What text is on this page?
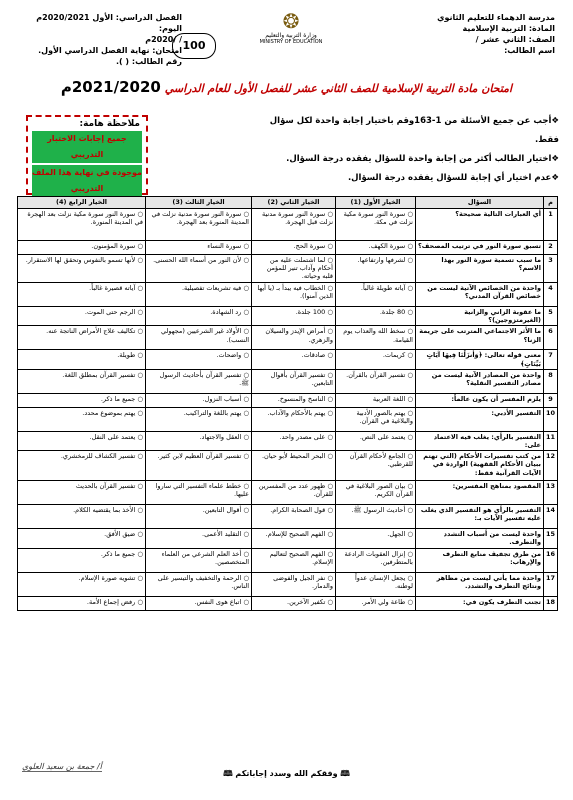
مدرسة الدهماء للتعليم الثانوي
المادة: التربية الإسلامية
الصف: الثاني عشر /
اسم الطالب:
❂
وزارة التربية والتعليم
MINISTRY OF EDUCATION
100
الفصل الدراسي: الأول 2020/2021م
اليوم:
/ /2020م
امتحان: نهاية الفصل الدراسي الأول.
رقم الطالب: ( ).
امتحان مادة التربية الإسلامية للصف الثاني عشر للفصل الأول للعام الدراسي 2021/2020م
❖ أجب عن جميع الأسئلة من 1-163وقم باختيار إجابة واحدة لكل سؤال فقط.
❖ اختيار الطالب أكثر من إجابة واحدة للسؤال يفقده درجة السؤال.
❖ عدم اختيار أي إجابة للسؤال يفقده درجة السؤال.
ملاحظة هامة:
جميع إجابات الاختبار التدريبي
موجودة في نهاية هذا الملف التدريبي
م	السؤال	الخيار الأول (1)	الخيار الثاني (2)	الخيار الثالث (3)	الخيار الرابع (4)
1	أي العبارات التالية صحيحة؟	○ سورة النور سورة مكية نزلت في مكة.	○ سورة النور سورة مدنية نزلت قبل الهجرة.	○ سورة النور سورة مدنية نزلت في المدينة المنورة بعد الهجرة.	○ سورة النور سورة مكية نزلت بعد الهجرة في المدينة المنورة.
2	تسبق سورة النور في ترتيب المصحف؟	○ سورة الكهف.	○ سورة الحج.	○ سورة النساء	○ سورة المؤمنون.
3	ما سبب تسمية سورة النور بهذا الاسم؟	○ لشرفها وارتفاعها.	○ لما اشتملت عليه من أحكام وآداب تنير للمؤمن قلبه وحياته.	○ لأن النور من أسماء الله الحسنى.	○ لأنها تسمو بالنفوس وتحقق لها الاستقرار.
4	واحدة من الخصائص الآتية ليست من خصائص القرآن المدني؟	○ آياته طويلة غالباً.	○ الخطاب فيه يبدأ بـ (يا أيها الذين آمنوا).	○ فيه تشريعات تفصيلية.	○ آياته قصيرة غالباً.
5	ما عقوبة الزاني والزانية (الغيرمتزوجين)؟	○ 80 جلدة.	○ 100 جلدة.	○ رد الشهادة.	○ الرجم حتى الموت.
6	ما الأثر الاجتماعي المترتب على جريمة الزنا؟	○ سخط الله والعذاب يوم القيامة.	○ أمراض الإيدز والسيلان والزهري.	○ الأولاد غير الشرعيين (مجهولي النسب).	○ تكاليف علاج الأمراض الناتجة عنه.
7	معنى قوله تعالى: ﴿وَأَنزَلْنَا فِيهَا آيَاتٍ بَيِّنَاتٍ﴾	○ كريمات.	○ صادقات.	○ واضحات.	○ طويلة.
8	واحدة من المصادر الآتية ليست من مصادر التفسير النقلية؟	○ تفسير القرآن بالقرآن.	○ تفسير القرآن بأقوال التابعين.	○ تفسير القرآن بأحاديث الرسول ﷺ.	○ تفسير القرآن بمطلق اللغة.
9	يلزم المفسر أن يكون عالماً:	○ اللغة العربية	○ الناسخ والمنسوخ.	○ أسباب النزول.	○ جميع ما ذكر.
10	التفسير الأدبي:	○ يهتم بالصور الأدبية والبلاغية في القرآن.	○ يهتم بالأحكام والآداب.	○ يهتم باللغة والتراكيب.	○ يهتم بموضوع محدد.
11	التفسير بالرأي: يغلب فيه الاعتماد على:	○ يعتمد على النص.	○ على مصدر واحد.	○ العقل والاجتهاد.	○ يعتمد على النقل.
12	من كتب تفسيرات الأحكام (التي تهتم ببيان الأحكام الفقهية) الواردة في الآيات القرآنية فقط:	○ الجامع لأحكام القرآن للقرطبي.	○ البحر المحيط لأبو حيان.	○ تفسير القرآن العظيم لابن كثير.	○ تفسير الكشاف للزمخشري.
13	المقصود بمناهج المفسرين:	○ بيان الصور البلاغية في القرآن الكريم.	○ ظهور عدد من المفسرين للقرآن.	○ خطط علماء التفسير التي ساروا عليها.	○ تفسير القرآن بالحديث
14	التفسير بالرأي هو التفسير الذي يغلب عليه تفسير الآيات بـ:	○ أحاديث الرسول ﷺ.	○ قول الصحابة الكرام.	○ أقوال التابعين.	○ الأخذ بما يقتضيه الكلام.
15	واحدة ليست من أسباب التشدد والتطرف.	○ الجهل.	○ الفهم الصحيح للإسلام.	○ التقليد الأعمى.	○ ضيق الأفق.
16	من طرق تجفيف منابع التطرف والإرهاب:	○ إنزال العقوبات الرادعة بالمتطرفين.	○ الفهم الصحيح لتعاليم الإسلام.	○ أخذ العلم الشرعي من العلماء المتخصصين.	○ جميع ما ذكر.
17	واحدة مما يأتي ليست من مظاهر ونتائج التطرف والتشدد.	○ يجعل الإنسان عدواً لوطنه.	○ نفر الجيل والفوضى والدمار.	○ الرحمة والتخفيف والتيسير على الناس.	○ تشويه صورة الإسلام.
18	تجنب التطرف يكون في:	○ طاعة ولي الأمر.	○ تكفير الآخرين.	○ اتباع هوى النفس.	○ رفض إجماع الأمة.
أ/ جمعة بن سعيد العلوي
🕮 وفقكم الله وسدد إجاباتكم 🕮
